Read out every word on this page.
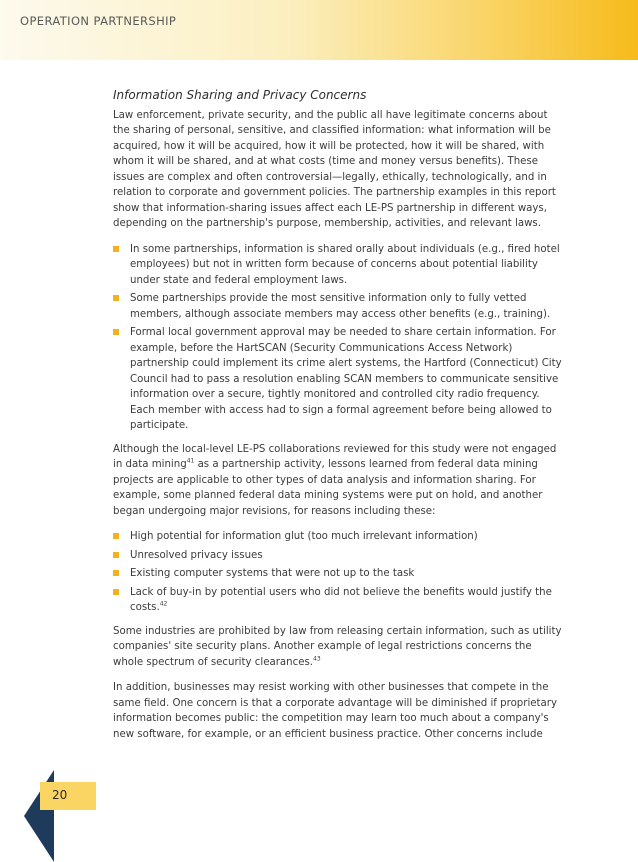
OPERATION PARTNERSHIP
Information Sharing and Privacy Concerns

Law enforcement, private security, and the public all have legitimate concerns about the sharing of personal, sensitive, and classified information: what information will be acquired, how it will be acquired, how it will be protected, how it will be shared, with whom it will be shared, and at what costs (time and money versus benefits). These issues are complex and often controversial—legally, ethically, technologically, and in relation to corporate and government policies. The partnership examples in this report show that information-sharing issues affect each LE-PS partnership in different ways, depending on the partnership's purpose, membership, activities, and relevant laws.

In some partnerships, information is shared orally about individuals (e.g., fired hotel employees) but not in written form because of concerns about potential liability under state and federal employment laws.
Some partnerships provide the most sensitive information only to fully vetted members, although associate members may access other benefits (e.g., training).
Formal local government approval may be needed to share certain information. For example, before the HartSCAN (Security Communications Access Network) partnership could implement its crime alert systems, the Hartford (Connecticut) City Council had to pass a resolution enabling SCAN members to communicate sensitive information over a secure, tightly monitored and controlled city radio frequency. Each member with access had to sign a formal agreement before being allowed to participate.

Although the local-level LE-PS collaborations reviewed for this study were not engaged in data mining$^{41}$ as a partnership activity, lessons learned from federal data mining projects are applicable to other types of data analysis and information sharing. For example, some planned federal data mining systems were put on hold, and another began undergoing major revisions, for reasons including these:

High potential for information glut (too much irrelevant information)
Unresolved privacy issues
Existing computer systems that were not up to the task
Lack of buy-in by potential users who did not believe the benefits would justify the costs.$^{42}$

Some industries are prohibited by law from releasing certain information, such as utility companies' site security plans. Another example of legal restrictions concerns the whole spectrum of security clearances.$^{43}$

In addition, businesses may resist working with other businesses that compete in the same field. One concern is that a corporate advantage will be diminished if proprietary information becomes public: the competition may learn too much about a company's new software, for example, or an efficient business practice. Other concerns include

20
